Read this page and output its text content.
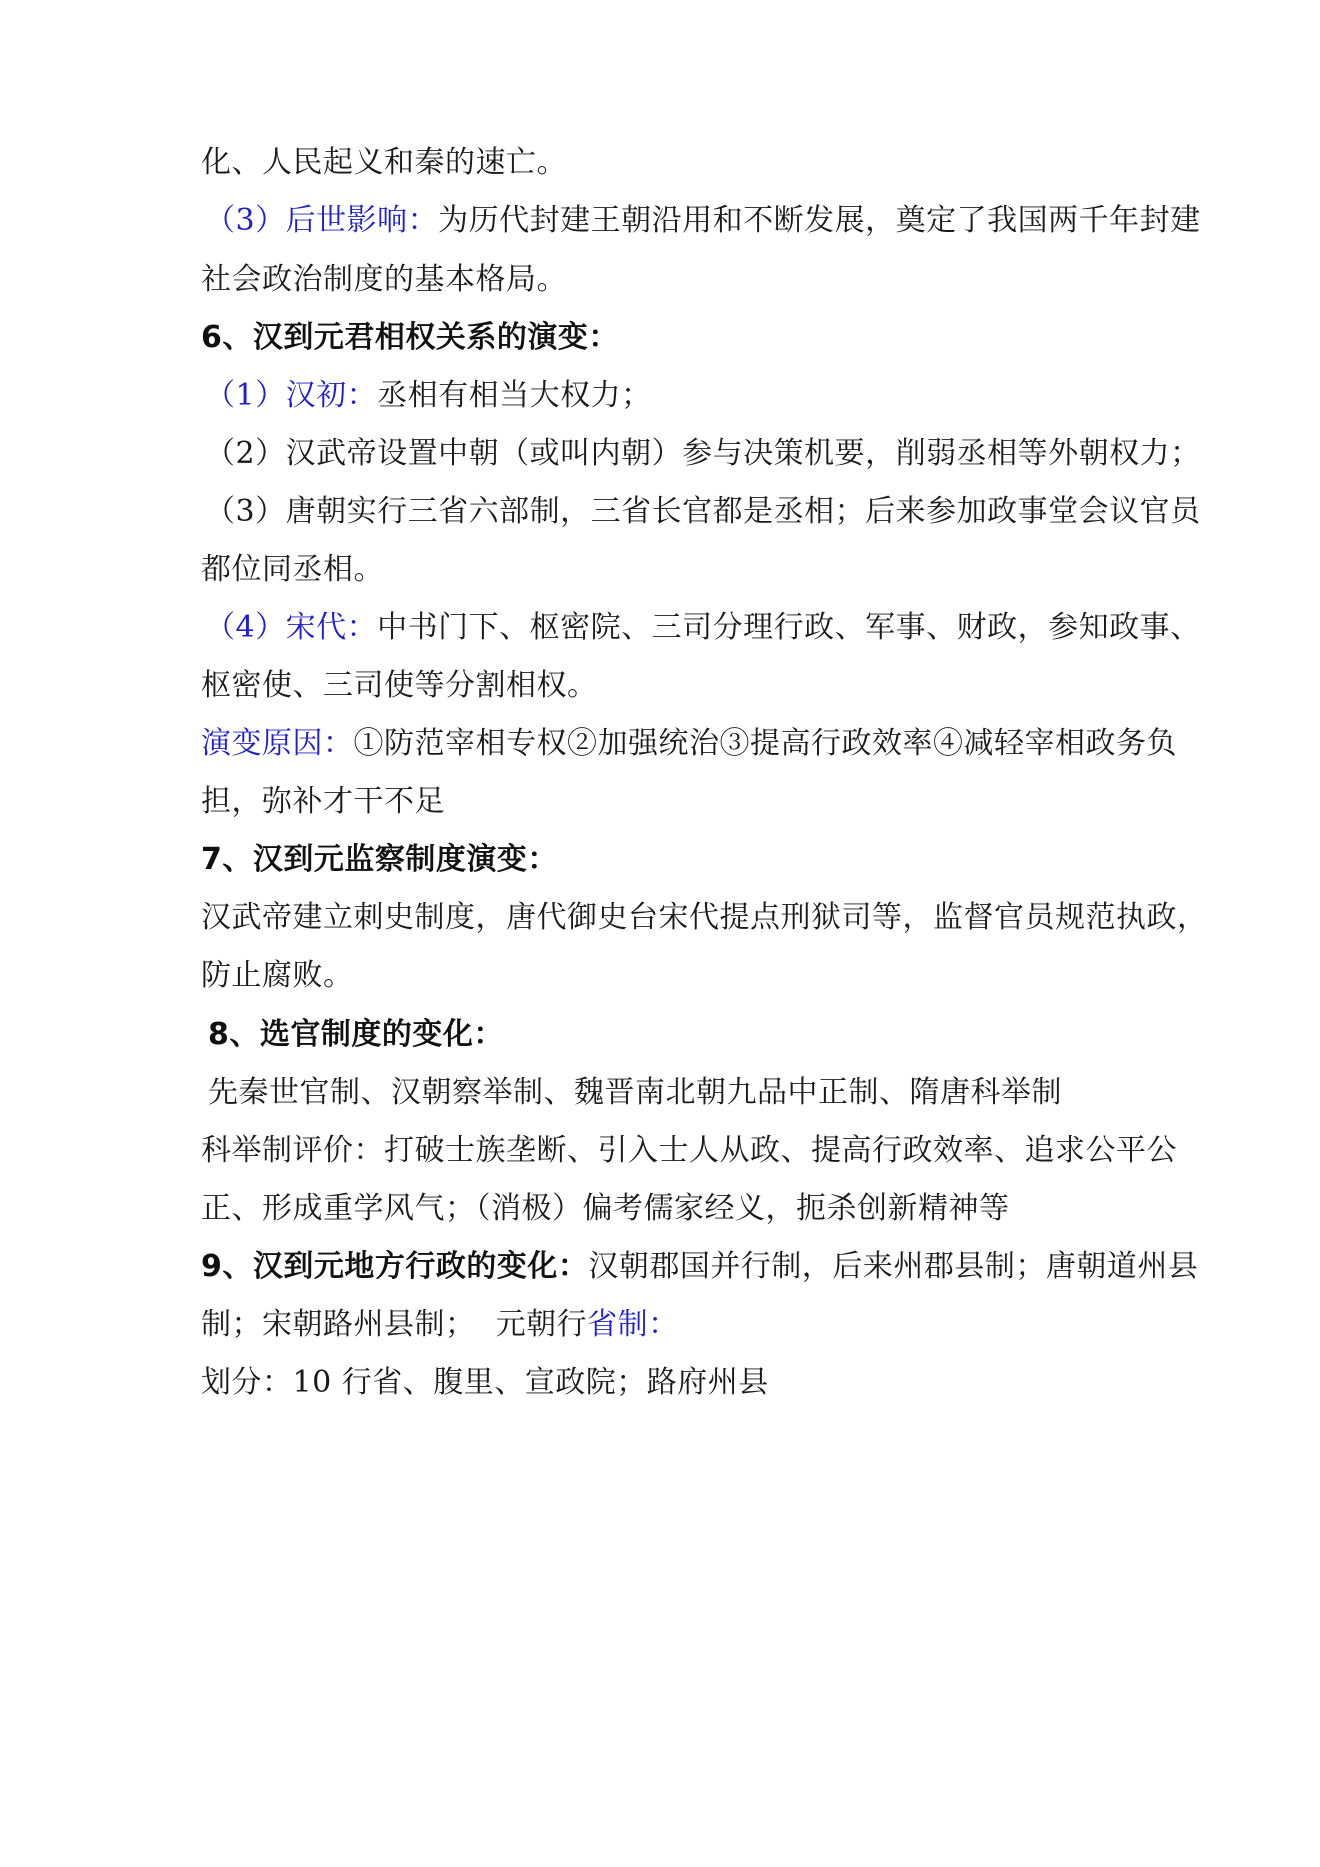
化、人民起义和秦的速亡。
（3）后世影响：为历代封建王朝沿用和不断发展，奠定了我国两千年封建
社会政治制度的基本格局。
6、汉到元君相权关系的演变：
（1）汉初：丞相有相当大权力；
（2）汉武帝设置中朝（或叫内朝）参与决策机要，削弱丞相等外朝权力；
（3）唐朝实行三省六部制，三省长官都是丞相；后来参加政事堂会议官员
都位同丞相。
（4）宋代：中书门下、枢密院、三司分理行政、军事、财政，参知政事、
枢密使、三司使等分割相权。
演变原因：①防范宰相专权②加强统治③提高行政效率④减轻宰相政务负
担，弥补才干不足
7、汉到元监察制度演变：
汉武帝建立刺史制度，唐代御史台宋代提点刑狱司等，监督官员规范执政，
防止腐败。
8、选官制度的变化：
先秦世官制、汉朝察举制、魏晋南北朝九品中正制、隋唐科举制
科举制评价：打破士族垄断、引入士人从政、提高行政效率、追求公平公
正、形成重学风气；（消极）偏考儒家经义，扼杀创新精神等
9、汉到元地方行政的变化：汉朝郡国并行制，后来州郡县制；唐朝道州县
制；宋朝路州县制；  元朝行省制：
划分：10 行省、腹里、宣政院；路府州县
